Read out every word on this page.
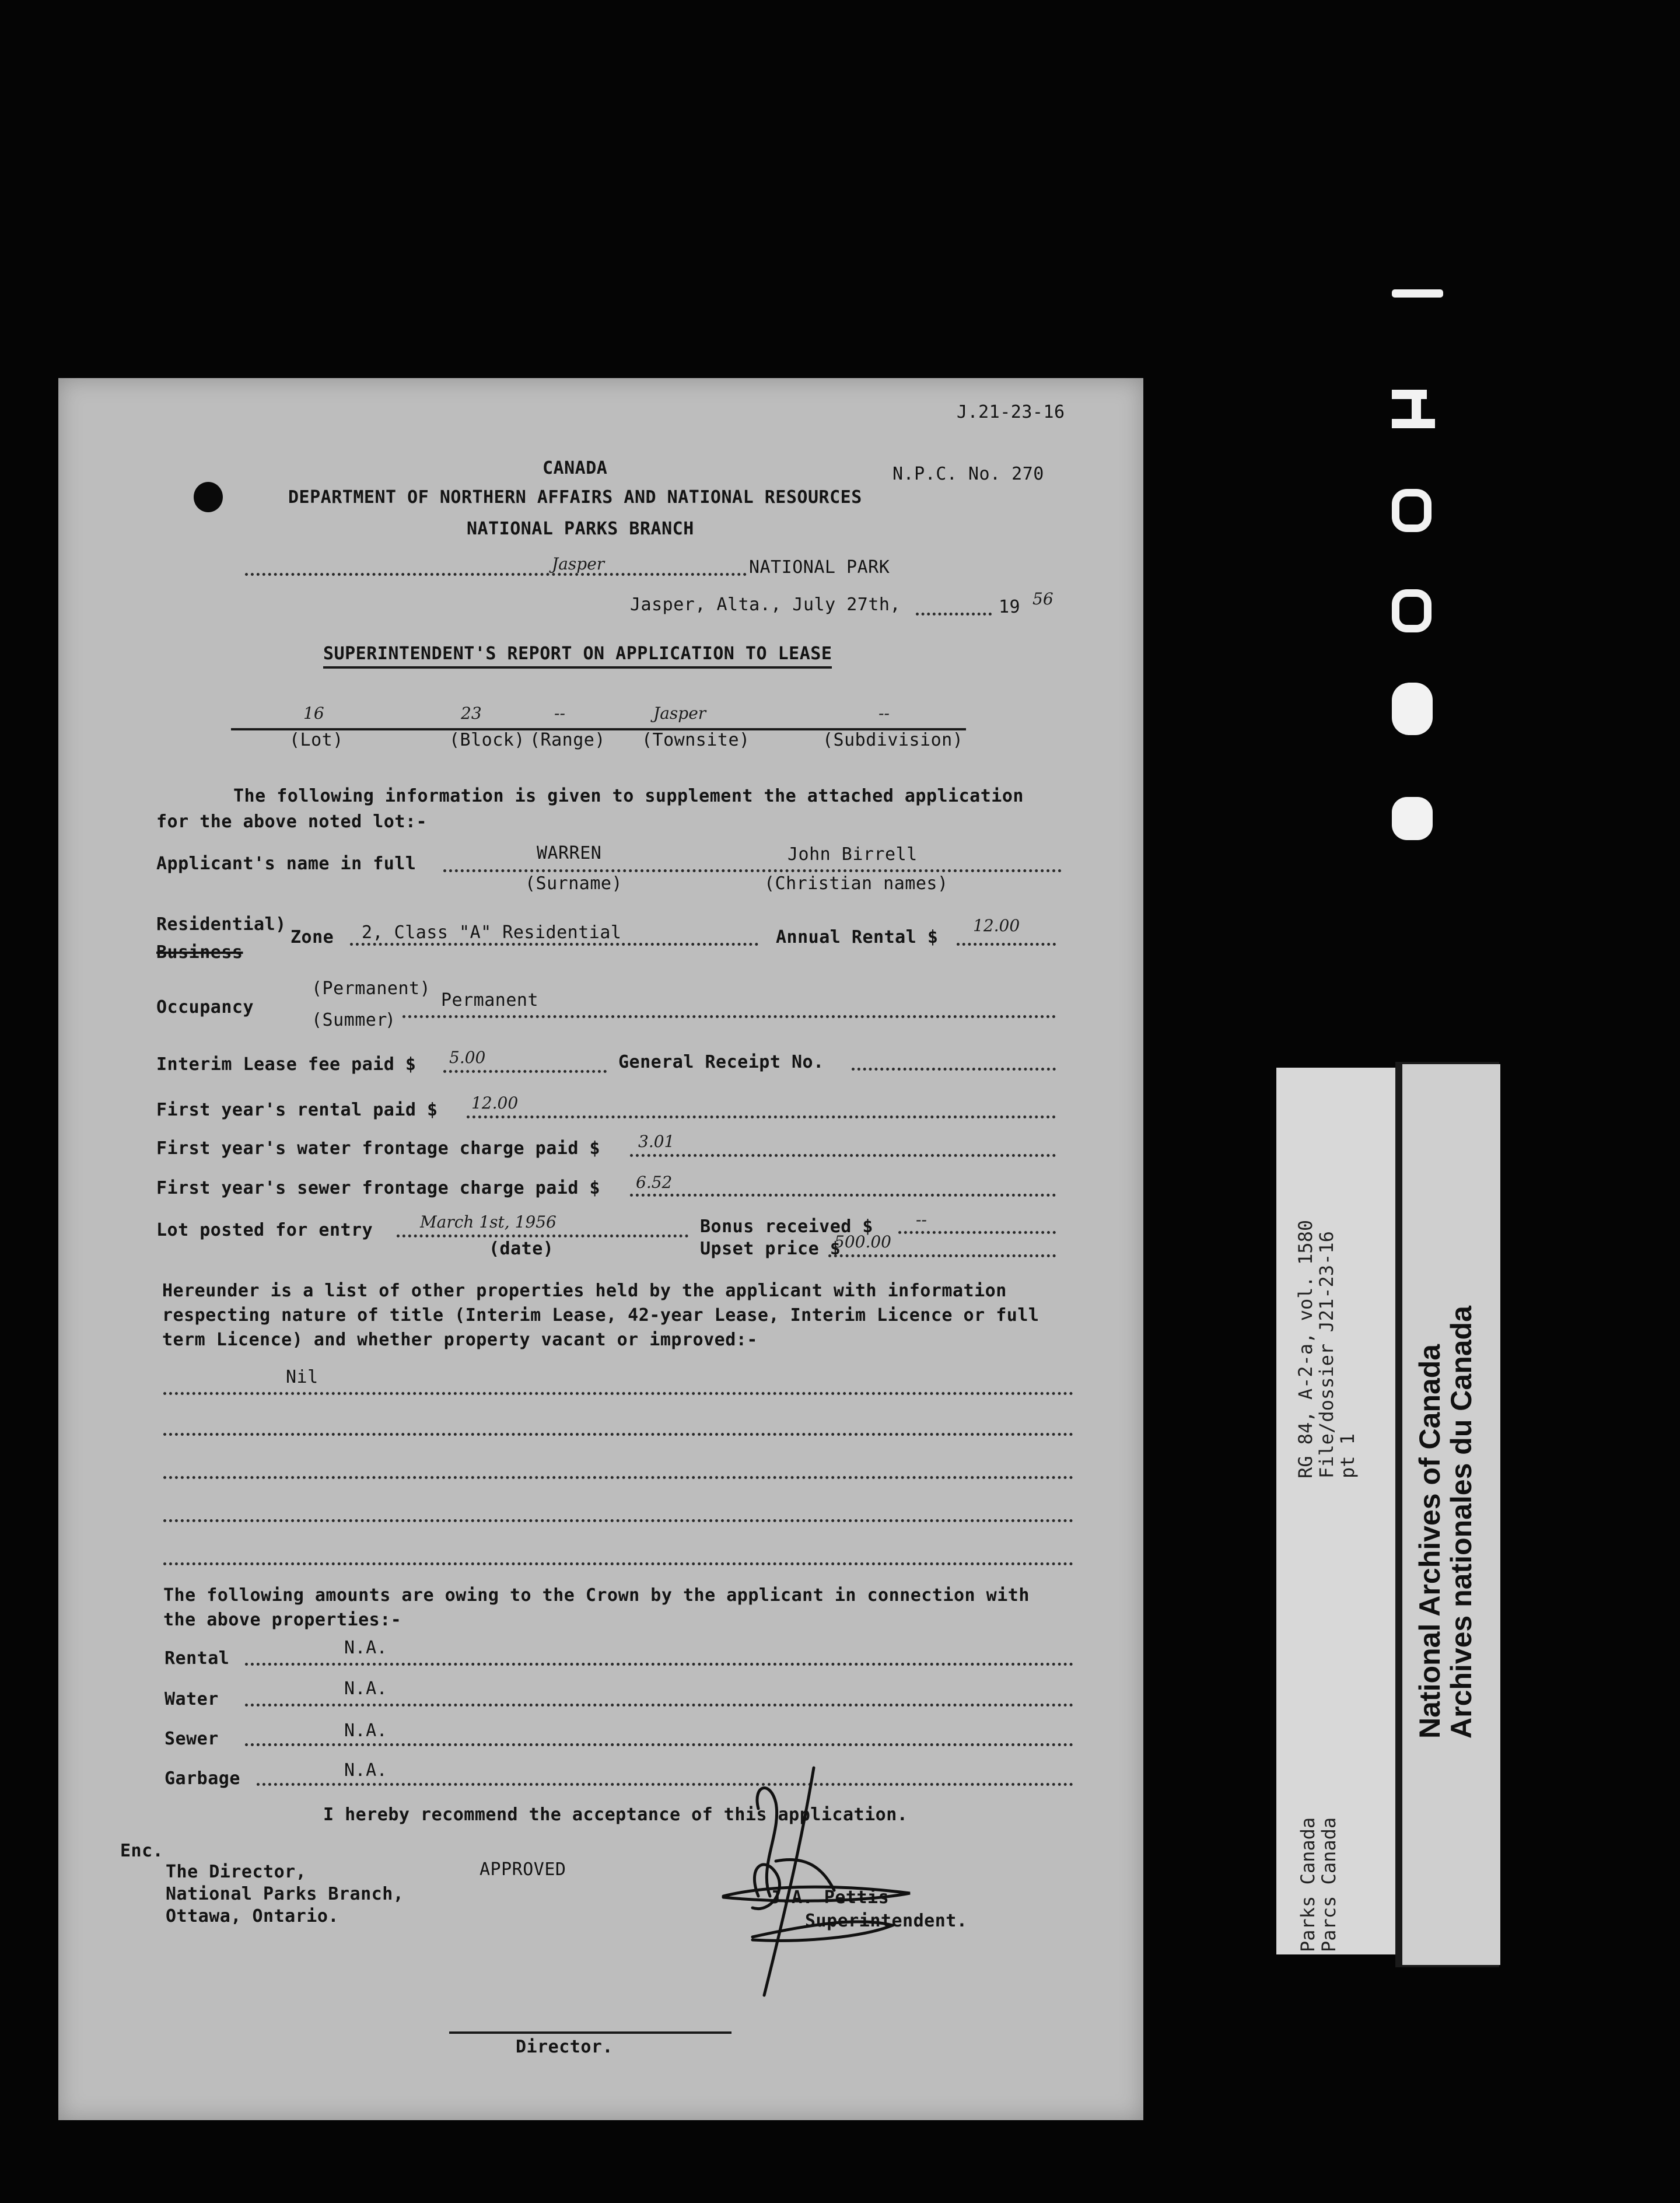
J.21-23-16
CANADA	N.P.C. No. 270
DEPARTMENT OF NORTHERN AFFAIRS AND NATIONAL RESOURCES
NATIONAL PARKS BRANCH
Jasper	NATIONAL PARK
Jasper, Alta., July 27th,	19 56
SUPERINTENDENT'S REPORT ON APPLICATION TO LEASE
16	23	--	Jasper	--
(Lot)	(Block) (Range) (Townsite)	(Subdivision)
The following information is given to supplement the attached application
for the above noted lot:-
Applicant's name in full
WARREN	John Birrell
(Surname)	(Christian names)
Residential)
Business
Zone 2, Class "A" Residential	Annual Rental $
12.00
(Permanent)
Occupancy
(Summer
)
Permanent
Interim Lease fee paid $ 5.00	General Receipt No.
First year's rental paid $ 12.00
First year's water frontage charge paid $ 3.01
First year's sewer frontage charge paid $ 6.52
Lot posted for entry	March 1st, 1956
(date)
Bonus received $	--
Upset price $
500.00
Hereunder is a list of other properties held by the applicant with information
respecting nature of title (Interim Lease, 42-year Lease, Interim Licence or full
term Licence) and whether property vacant or improved:-
Nil
The following amounts are owing to the Crown by the applicant in connection with
the above properties:-
Rental
N.A.
Water
N.A.
Sewer	N.A.
Garbage	N.A.
I hereby recommend the acceptance of this application.
Enc.
The Director,
National Parks Branch,
Ottawa, Ontario.
APPROVED
J.A. Pettis
Superintendent.
Director.
RG 84, A-2-a, vol. 1580
File/dossier J21-23-16
pt 1
Parks Canada
Parcs Canada
National Archives of Canada
Archives nationales du Canada
